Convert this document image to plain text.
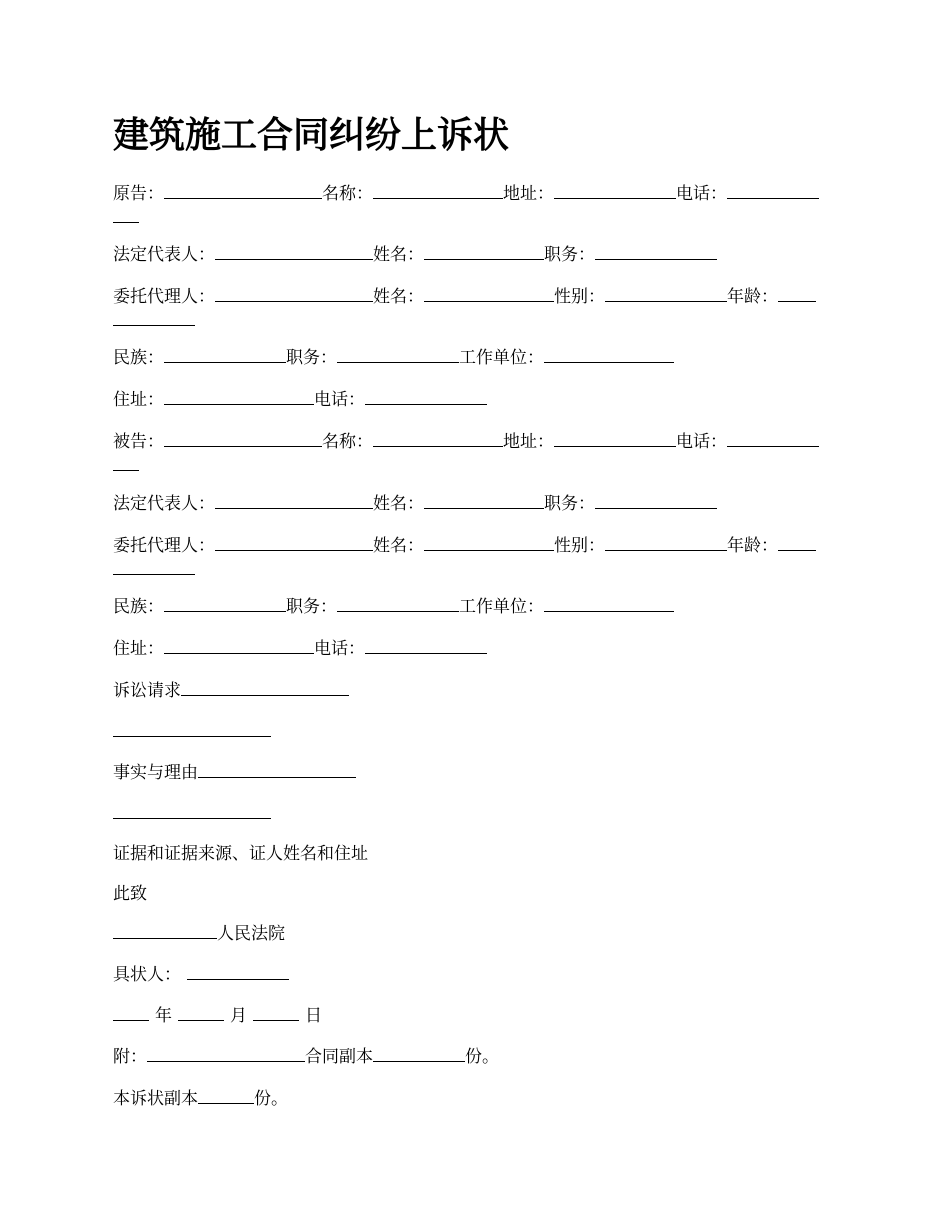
建筑施工合同纠纷上诉状
原告：	名称：	地址：	电话：
法定代表人：	姓名：	职务：
委托代理人：	姓名：	性别：	年龄：
民族：	职务：	工作单位：
住址：	电话：
被告：	名称：	地址：	电话：
法定代表人：	姓名：	职务：
委托代理人：	姓名：	性别：	年龄：
民族：	职务：	工作单位：
住址：	电话：
诉讼请求
事实与理由
证据和证据来源、证人姓名和住址
此致
人民法院
具状人：
年	月	日
附：	合同副本	份。
本诉状副本	份。
